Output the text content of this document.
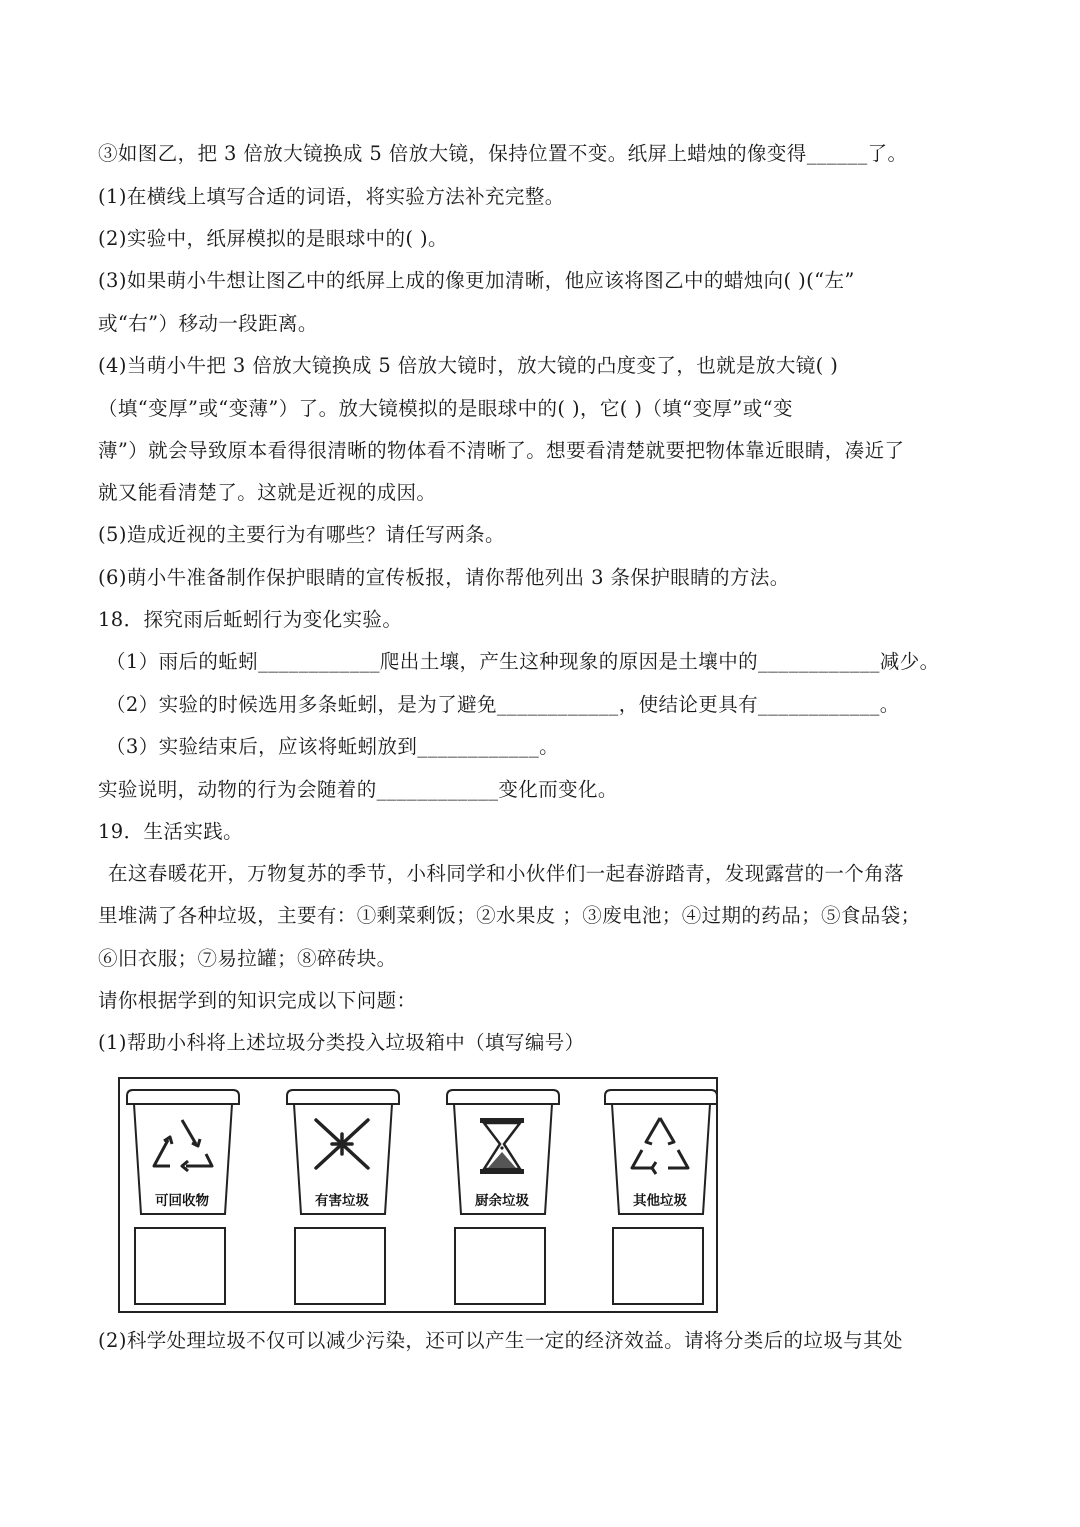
③如图乙，把 3 倍放大镜换成 5 倍放大镜，保持位置不变。纸屏上蜡烛的像变得______了。
(1)在横线上填写合适的词语，将实验方法补充完整。
(2)实验中，纸屏模拟的是眼球中的( )。
(3)如果萌小牛想让图乙中的纸屏上成的像更加清晰，他应该将图乙中的蜡烛向( )(“左”
或“右”）移动一段距离。
(4)当萌小牛把 3 倍放大镜换成 5 倍放大镜时，放大镜的凸度变了，也就是放大镜( )
（填“变厚”或“变薄”）了。放大镜模拟的是眼球中的( )，它( )（填“变厚”或“变
薄”）就会导致原本看得很清晰的物体看不清晰了。想要看清楚就要把物体靠近眼睛，凑近了
就又能看清楚了。这就是近视的成因。
(5)造成近视的主要行为有哪些？请任写两条。
(6)萌小牛准备制作保护眼睛的宣传板报，请你帮他列出 3 条保护眼睛的方法。
18．探究雨后蚯蚓行为变化实验。
（1）雨后的蚯蚓____________爬出土壤，产生这种现象的原因是土壤中的____________减少。
（2）实验的时候选用多条蚯蚓，是为了避免____________，使结论更具有____________。
（3）实验结束后，应该将蚯蚓放到____________。
实验说明，动物的行为会随着的____________变化而变化。
19．生活实践。
在这春暖花开，万物复苏的季节，小科同学和小伙伴们一起春游踏青，发现露营的一个角落
里堆满了各种垃圾，主要有：①剩菜剩饭；②水果皮 ；③废电池；④过期的药品；⑤食品袋；
⑥旧衣服；⑦易拉罐；⑧碎砖块。
请你根据学到的知识完成以下问题：
(1)帮助小科将上述垃圾分类投入垃圾箱中（填写编号）
可回收物	有害垃圾	厨余垃圾	其他垃圾
(2)科学处理垃圾不仅可以减少污染，还可以产生一定的经济效益。请将分类后的垃圾与其处
